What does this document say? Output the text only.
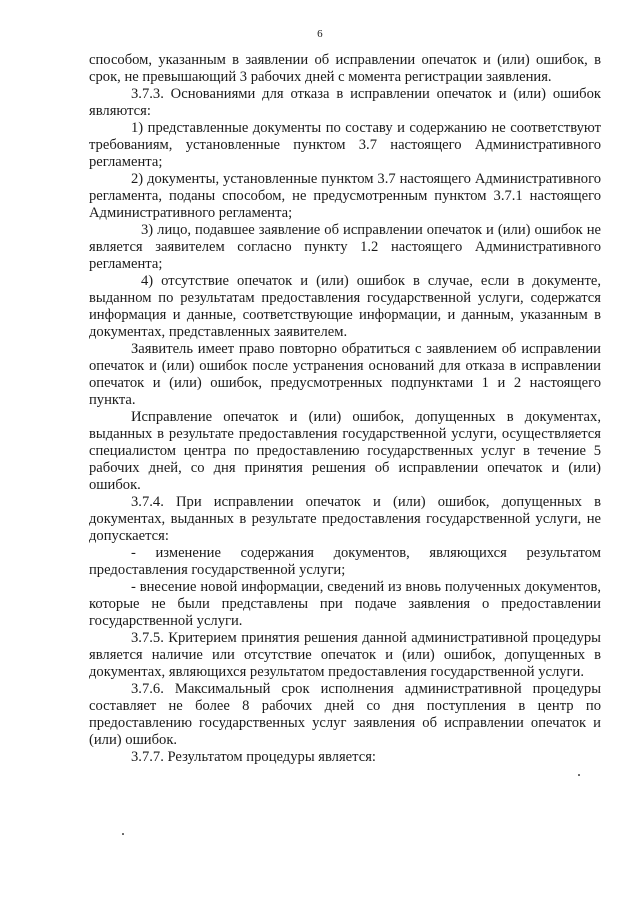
6

способом, указанным в заявлении об исправлении опечаток и (или) ошибок, в срок, не превышающий 3 рабочих дней с момента регистрации заявления.

3.7.3. Основаниями для отказа в исправлении опечаток и (или) ошибок являются:

1) представленные документы по составу и содержанию не соответствуют требованиям, установленные пунктом 3.7 настоящего Административного регламента;

2) документы, установленные пунктом 3.7 настоящего Административного регламента, поданы способом, не предусмотренным пунктом 3.7.1 настоящего Административного регламента;

3) лицо, подавшее заявление об исправлении опечаток и (или) ошибок не является заявителем согласно пункту 1.2 настоящего Административного регламента;

4) отсутствие опечаток и (или) ошибок в случае, если в документе, выданном по результатам предоставления государственной услуги, содержатся информация и данные, соответствующие информации, и данным, указанным в документах, представленных заявителем.

Заявитель имеет право повторно обратиться с заявлением об исправлении опечаток и (или) ошибок после устранения оснований для отказа в исправлении опечаток и (или) ошибок, предусмотренных подпунктами 1 и 2 настоящего пункта.

Исправление опечаток и (или) ошибок, допущенных в документах, выданных в результате предоставления государственной услуги, осуществляется специалистом центра по предоставлению государственных услуг в течение 5 рабочих дней, со дня принятия решения об исправлении опечаток и (или) ошибок.

3.7.4. При исправлении опечаток и (или) ошибок, допущенных в документах, выданных в результате предоставления государственной услуги, не допускается:

- изменение содержания документов, являющихся результатом предоставления государственной услуги;

- внесение новой информации, сведений из вновь полученных документов, которые не были представлены при подаче заявления о предоставлении государственной услуги.

3.7.5. Критерием принятия решения данной административной процедуры является наличие или отсутствие опечаток и (или) ошибок, допущенных в документах, являющихся результатом предоставления государственной услуги.

3.7.6. Максимальный срок исполнения административной процедуры составляет не более 8 рабочих дней со дня поступления в центр по предоставлению государственных услуг заявления об исправлении опечаток и (или) ошибок.

3.7.7. Результатом процедуры является:
